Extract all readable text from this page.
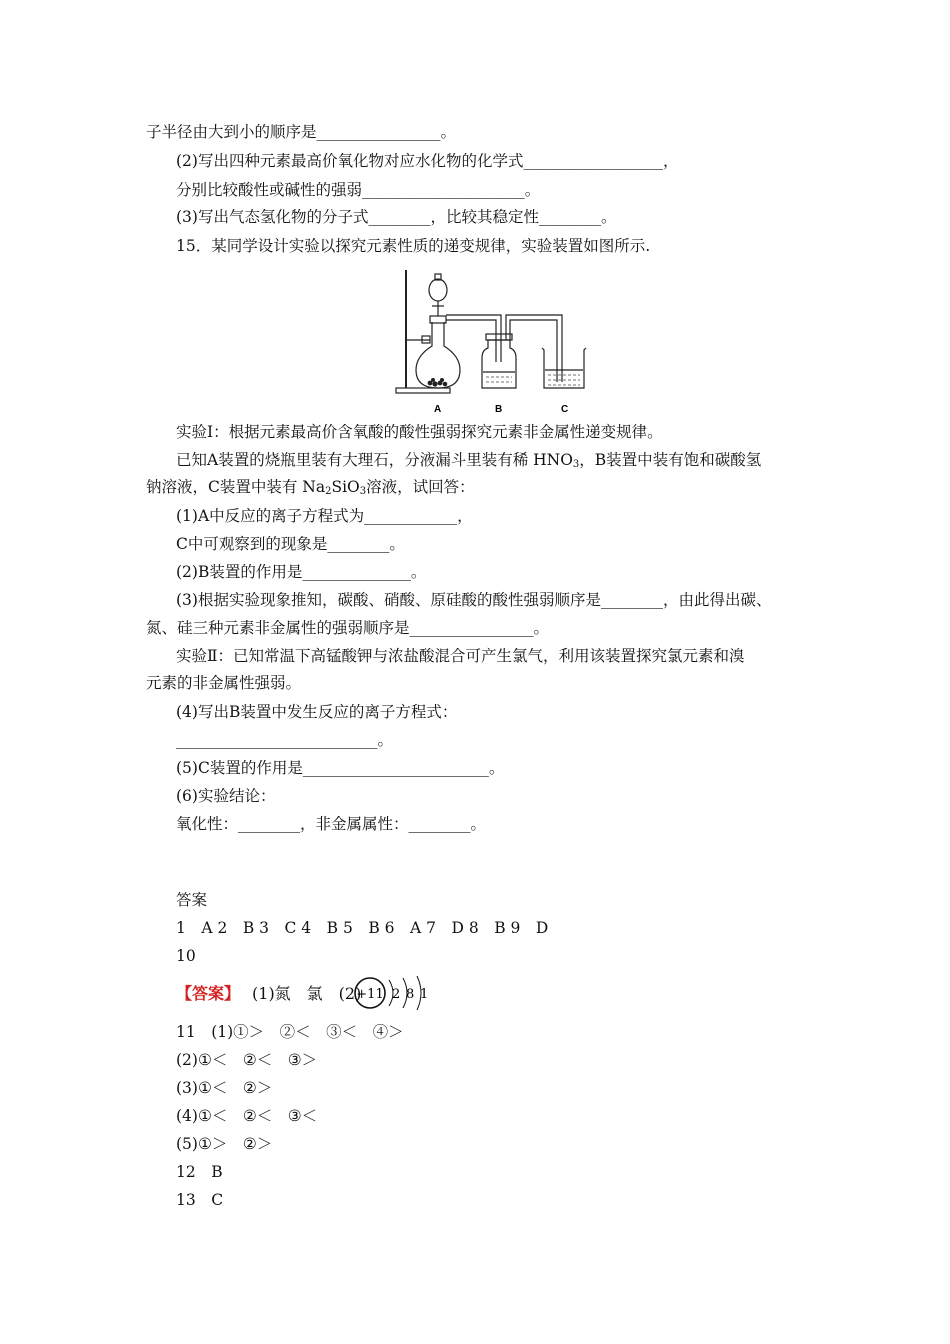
子半径由大到小的顺序是________________。
(2)写出四种元素最高价氧化物对应水化物的化学式__________________，
分别比较酸性或碱性的强弱_____________________。
(3)写出气态氢化物的分子式________，比较其稳定性________。
15．某同学设计实验以探究元素性质的递变规律，实验装置如图所示.
A	B	C
实验Ⅰ：根据元素最高价含氧酸的酸性强弱探究元素非金属性递变规律。
已知A装置的烧瓶里装有大理石，分液漏斗里装有稀 $HNO_3$，B装置中装有饱和碳酸氢
钠溶液，C装置中装有 $Na_2SiO_3$溶液，试回答：
(1)A中反应的离子方程式为____________，
C中可观察到的现象是________。
(2)B装置的作用是______________。
(3)根据实验现象推知，碳酸、硝酸、原硅酸的酸性强弱顺序是________，由此得出碳、
氮、硅三种元素非金属性的强弱顺序是________________。
实验Ⅱ：已知常温下高锰酸钾与浓盐酸混合可产生氯气，利用该装置探究氯元素和溴
元素的非金属性强弱。
(4)写出B装置中发生反应的离子方程式：
__________________________。
(5)C装置的作用是________________________。
(6)实验结论：
氧化性：________，非金属属性：________。
答案
1　A 2　B 3　C 4　B 5　B 6　A 7　D 8　B 9　D
10
【答案】 (1)氮　氯　(2)
+11 2 8 1
11　(1)①＞　②＜　③＜　④＞
(2)①＜　②＜　③＞
(3)①＜　②＞
(4)①＜　②＜　③＜
(5)①＞　②＞
12　B
13　C
